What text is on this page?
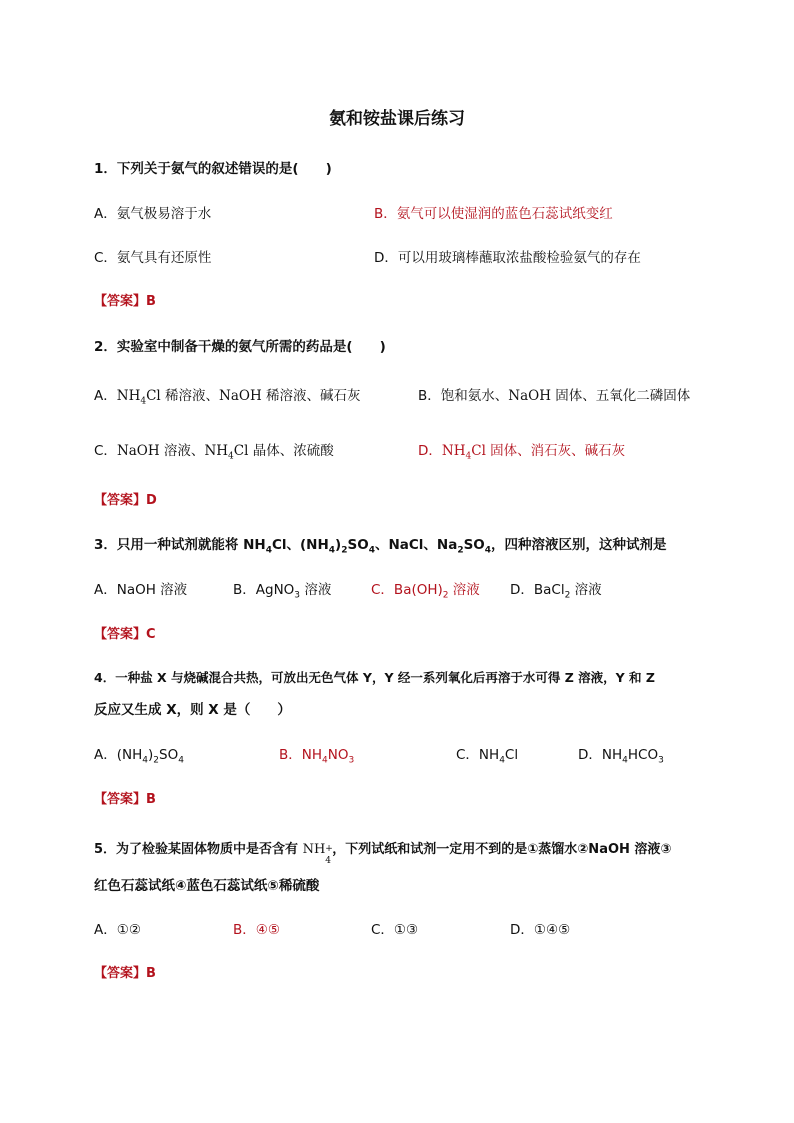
氨和铵盐课后练习
1．下列关于氨气的叙述错误的是(　　)
A．氨气极易溶于水	B．氨气可以使湿润的蓝色石蕊试纸变红
C．氨气具有还原性	D．可以用玻璃棒蘸取浓盐酸检验氨气的存在
【答案】B
2．实验室中制备干燥的氨气所需的药品是(　　)
A．$NH_4Cl$ 稀溶液、NaOH 稀溶液、碱石灰	B．饱和氨水、NaOH 固体、五氧化二磷固体
C．NaOH 溶液、$NH_4Cl$ 晶体、浓硫酸	D．$NH_4Cl$ 固体、消石灰、碱石灰
【答案】D
3．只用一种试剂就能将 $NH_4Cl$、$(NH_4)_2SO_4$、NaCl、$Na_2SO_4$，四种溶液区别，这种试剂是
A．NaOH 溶液	B．AgNO$_3$ 溶液	C．$Ba(OH)_2$ 溶液 D．BaCl$_2$ 溶液
【答案】C
4．一种盐 X 与烧碱混合共热，可放出无色气体 Y，Y 经一系列氧化后再溶于水可得 Z 溶液，Y 和 Z
反应又生成 X，则 X 是（　　）
A．$(NH_4)_2SO_4$	B．$NH_4NO_3$	C．$NH_4Cl$	D．$NH_4HCO_3$
【答案】B
5．为了检验某固体物质中是否含有 NH +
4
，下列试纸和试剂一定用不到的是①蒸馏水②NaOH 溶液③
红色石蕊试纸④蓝色石蕊试纸⑤稀硫酸
A．①②	B．④⑤	C．①③	D．①④⑤
【答案】B
